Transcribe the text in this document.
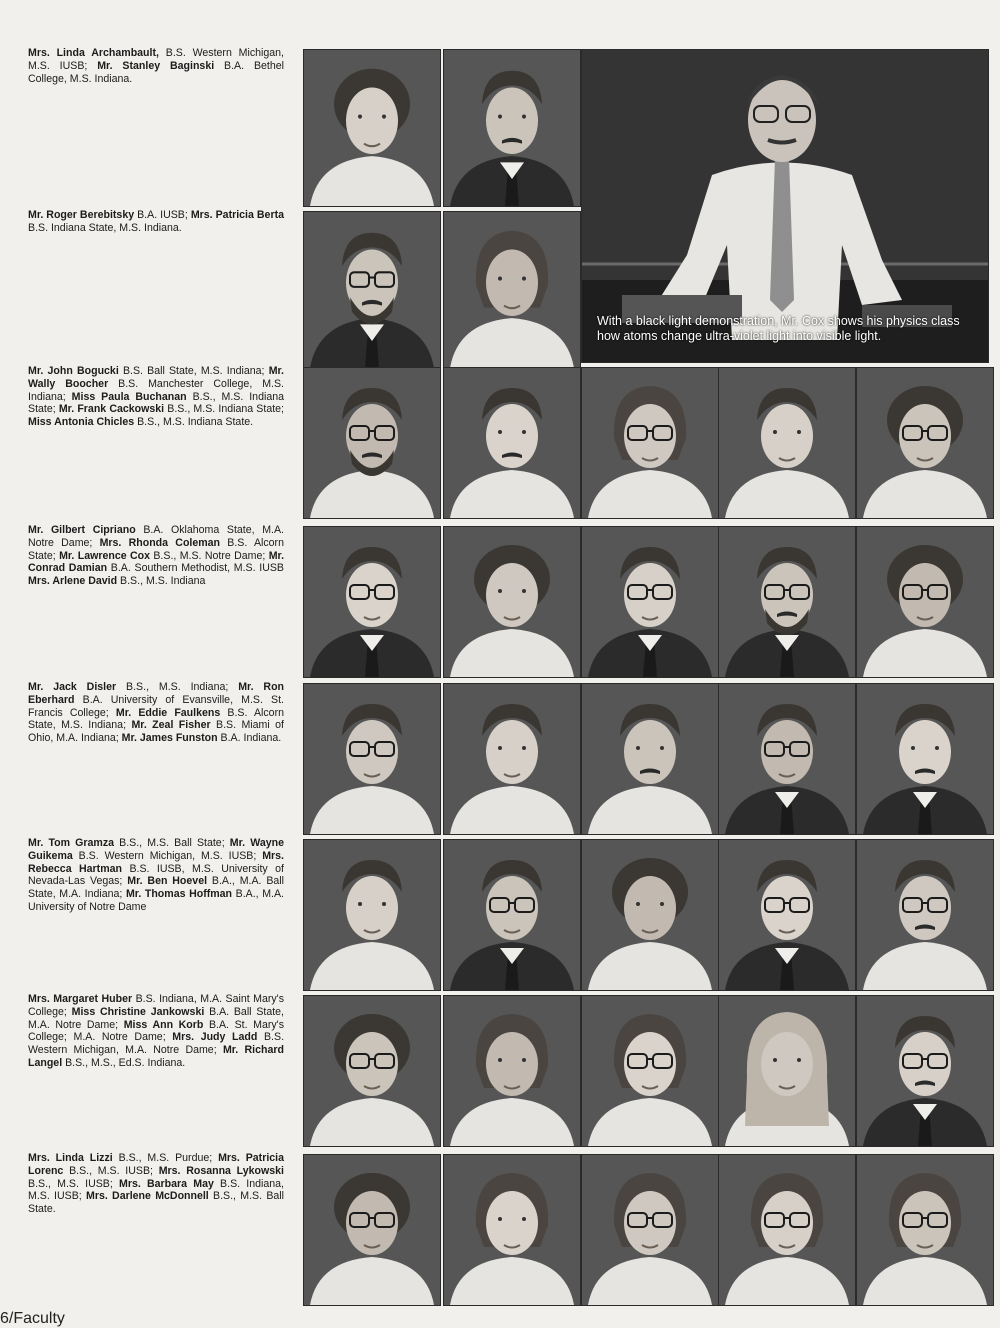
Mrs. Linda Archambault, B.S. Western Michigan, M.S. IUSB; Mr. Stanley Baginski B.A. Bethel College, M.S. Indiana.
Mr. Roger Berebitsky B.A. IUSB; Mrs. Patricia Berta B.S. Indiana State, M.S. Indiana.
Mr. John Bogucki B.S. Ball State, M.S. Indiana; Mr. Wally Boocher B.S. Manchester College, M.S. Indiana; Miss Paula Buchanan B.S., M.S. Indiana State; Mr. Frank Cackowski B.S., M.S. Indiana State; Miss Antonia Chicles B.S., M.S. Indiana State.
Mr. Gilbert Cipriano B.A. Oklahoma State, M.A. Notre Dame; Mrs. Rhonda Coleman B.S. Alcorn State; Mr. Lawrence Cox B.S., M.S. Notre Dame; Mr. Conrad Damian B.A. Southern Methodist, M.S. IUSB Mrs. Arlene David B.S., M.S. Indiana
Mr. Jack Disler B.S., M.S. Indiana; Mr. Ron Eberhard B.A. University of Evansville, M.S. St. Francis College; Mr. Eddie Faulkens B.S. Alcorn State, M.S. Indiana; Mr. Zeal Fisher B.S. Miami of Ohio, M.A. Indiana; Mr. James Funston B.A. Indiana.
Mr. Tom Gramza B.S., M.S. Ball State; Mr. Wayne Guikema B.S. Western Michigan, M.S. IUSB; Mrs. Rebecca Hartman B.S. IUSB, M.S. University of Nevada-Las Vegas; Mr. Ben Hoevel B.A., M.A. Ball State, M.A. Indiana; Mr. Thomas Hoffman B.A., M.A. University of Notre Dame
Mrs. Margaret Huber B.S. Indiana, M.A. Saint Mary's College; Miss Christine Jankowski B.A. Ball State, M.A. Notre Dame; Miss Ann Korb B.A. St. Mary's College; M.A. Notre Dame; Mrs. Judy Ladd B.S. Western Michigan, M.A. Notre Dame; Mr. Richard Langel B.S., M.S., Ed.S. Indiana.
Mrs. Linda Lizzi B.S., M.S. Purdue; Mrs. Patricia Lorenc B.S., M.S. IUSB; Mrs. Rosanna Lykowski B.S., M.S. IUSB; Mrs. Barbara May B.S. Indiana, M.S. IUSB; Mrs. Darlene McDonnell B.S., M.S. Ball State.
With a black light demonstration, Mr. Cox shows his physics class how atoms change ultra-violet light into visible light.
6/Faculty
